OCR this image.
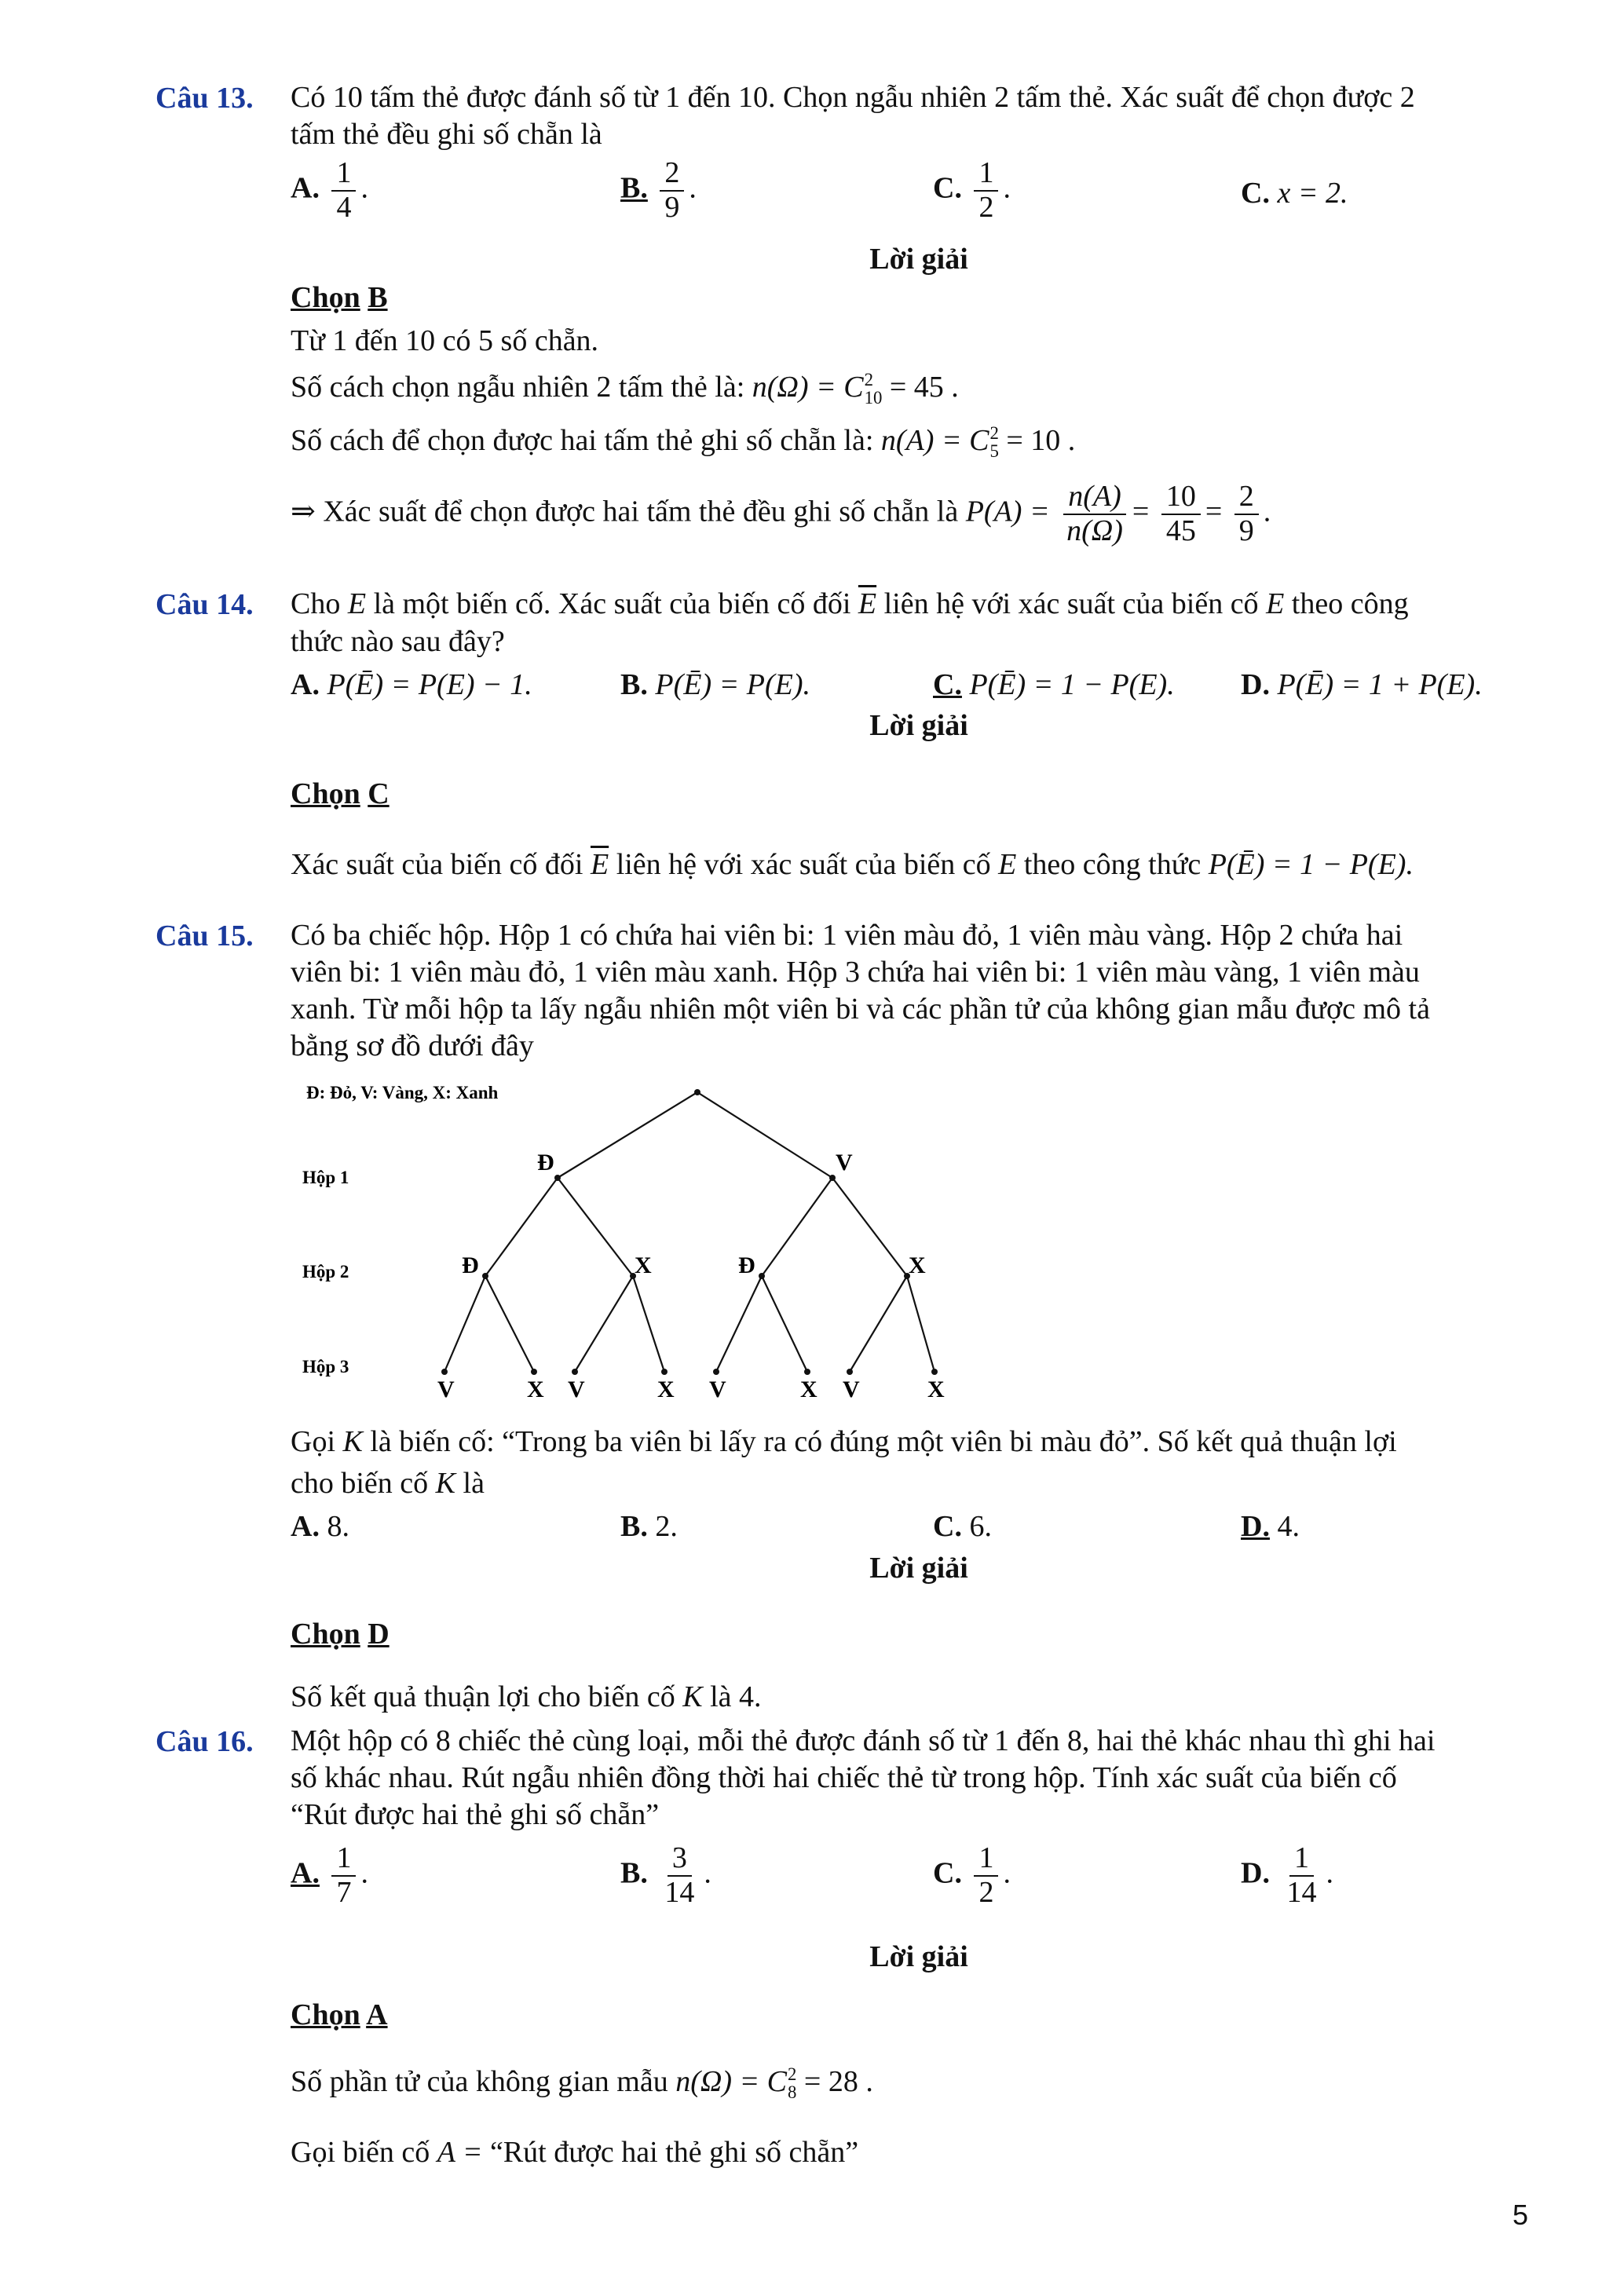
Câu 13. Có 10 tấm thẻ được đánh số từ 1 đến 10. Chọn ngẫu nhiên 2 tấm thẻ. Xác suất để chọn được 2
tấm thẻ đều ghi số chẵn là
A. $\frac{1}{4}$ .	B. $\frac{2}{9}$ .	C. $\frac{1}{2}$ .	C. x = 2.
Lời giải
Chọn B
Từ 1 đến 10 có 5 số chẵn.
Số cách chọn ngẫu nhiên 2 tấm thẻ là: n(Ω) = C 2
10 = 45 .
Số cách để chọn được hai tấm thẻ ghi số chẵn là: n(A) = C 2
5 = 10 .
⇒ Xác suất để chọn được hai tấm thẻ đều ghi số chẵn là $P(A) = \frac{n(A)}{n(\Omega)} = \frac{10}{45} = \frac{2}{9}$ .
Câu 14. Cho E là một biến cố. Xác suất của biến cố đối $\overline{E}$ liên hệ với xác suất của biến cố E theo công
thức nào sau đây?
A. P(Ē) = P(E) − 1.	B. P(Ē) = P(E).	C. P(Ē) = 1 − P(E). D. P(Ē) = 1 + P(E).
Lời giải
Chọn C
Xác suất của biến cố đối $\overline{E}$ liên hệ với xác suất của biến cố E theo công thức P(Ē) = 1 − P(E).
Câu 15. Có ba chiếc hộp. Hộp 1 có chứa hai viên bi: 1 viên màu đỏ, 1 viên màu vàng. Hộp 2 chứa hai
viên bi: 1 viên màu đỏ, 1 viên màu xanh. Hộp 3 chứa hai viên bi: 1 viên màu vàng, 1 viên màu
xanh. Từ mỗi hộp ta lấy ngẫu nhiên một viên bi và các phần tử của không gian mẫu được mô tả
bằng sơ đồ dưới đây
Đ: Đỏ, V: Vàng, X: Xanh
Hộp 1
Hộp 2
Hộp 3
Đ	V
Đ	X	Đ	X
V	X V	X V	X V	X
Gọi K là biến cố: “Trong ba viên bi lấy ra có đúng một viên bi màu đỏ”. Số kết quả thuận lợi
cho biến cố K là
A. 8.	B. 2.	C. 6.	D. 4.
Lời giải
Chọn D
Số kết quả thuận lợi cho biến cố K là 4.
Câu 16. Một hộp có 8 chiếc thẻ cùng loại, mỗi thẻ được đánh số từ 1 đến 8, hai thẻ khác nhau thì ghi hai
số khác nhau. Rút ngẫu nhiên đồng thời hai chiếc thẻ từ trong hộp. Tính xác suất của biến cố
“Rút được hai thẻ ghi số chẵn”
A. $\frac{1}{7}$ .	B. $\frac{3}{14}$ .	C. $\frac{1}{2}$ .	D. $\frac{1}{14}$ .
Lời giải
Chọn A
Số phần tử của không gian mẫu n(Ω) = C 2
8 = 28 .
Gọi biến cố A = “Rút được hai thẻ ghi số chẵn”
5
